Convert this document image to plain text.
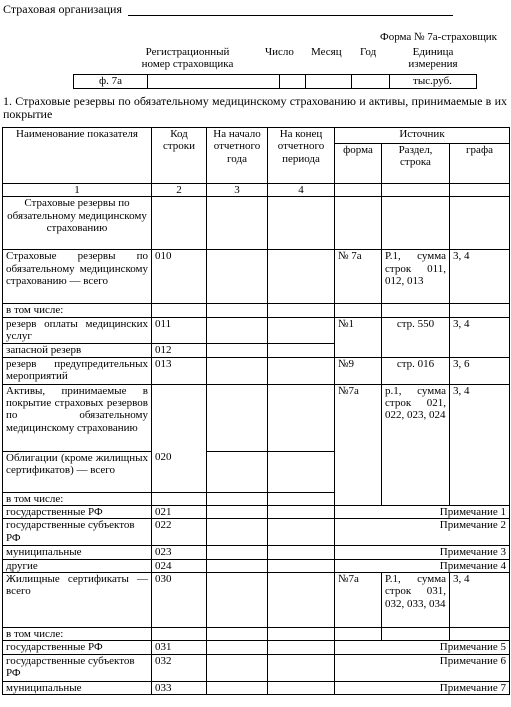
Страховая организация
Форма № 7а-страховщик
Регистрационный номер страховщика
Число Месяц Год	Единица измерения
ф. 7а	тыс.руб.
1. Страховые резервы по обязательному медицинскому страхованию и активы, принимаемые в их покрытие
Наименование показателя	Код строки	На начало отчетного года	На конец отчетного периода	Источник		
				форма	Раздел, строка	графа
1	2	3	4			
Страховые резервы по обязательному медицинскому страхованию						
Страховые резервы по обязательному медицинскому страхованию — всего	010			№ 7а	Р.1, сумма строк 011, 012, 013	3, 4
в том числе:						
резерв оплаты медицинских услуг	011			№1	стр. 550	3, 4
запасной резерв	012					
резерв предупредительных мероприятий	013			№9	стр. 016	3, 6
Активы, принимаемые в покрытие страховых резервов по обязательному медицинскому страхованию				№7а	р.1, сумма строк 021, 022, 023, 024	3, 4
Облигации (кроме жилищных сертификатов) — всего	020					
в том числе:						
государственные РФ	021			Примечание 1		
государственные субъектов РФ	022			Примечание 2		
муниципальные	023			Примечание 3		
другие	024			Примечание 4		
Жилищные сертификаты — всего	030			№7а	Р.1, сумма строк 031, 032, 033, 034	3, 4
в том числе:						
государственные РФ	031			Примечание 5		
государственные субъектов РФ	032			Примечание 6		
муниципальные	033			Примечание 7		
